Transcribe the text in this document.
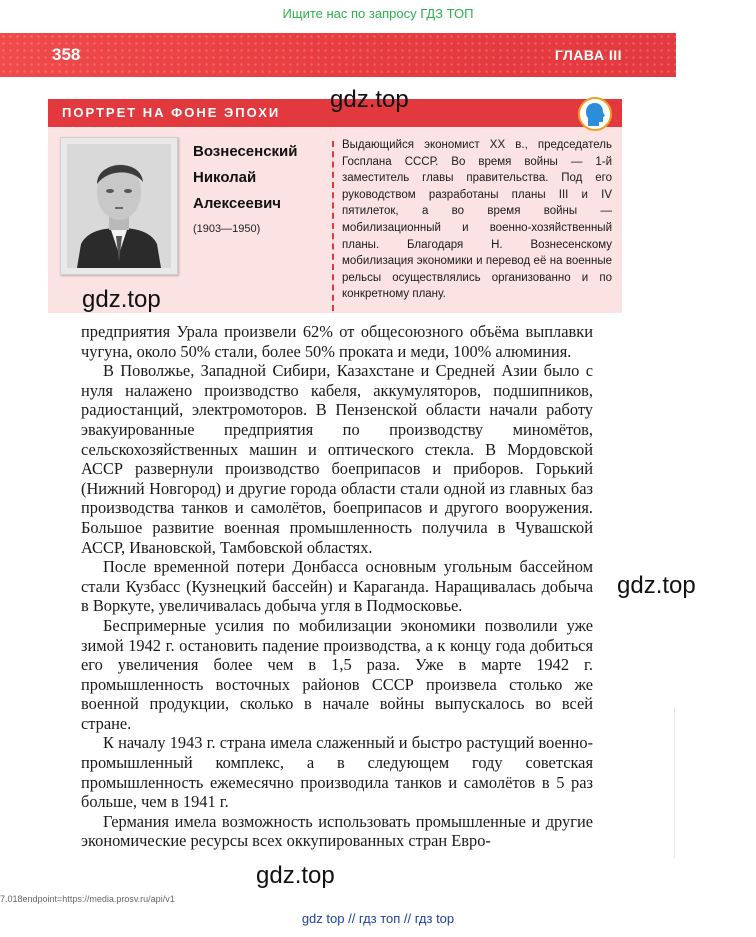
Ищите нас по запросу ГДЗ ТОП
358	ГЛАВА III
ПОРТРЕТ НА ФОНЕ ЭПОХИ
Вознесенский
Николай
Алексеевич
(1903—1950)

Выдающийся экономист XX в., председатель Госплана СССР. Во время войны — 1-й заместитель главы правительства. Под его руководством разработаны планы III и IV пятилеток, а во время войны — мобилизационный и военно-хозяйственный планы. Благодаря Н. Вознесенскому мобилизация экономики и перевод её на военные рельсы осуществлялись организованно и по конкретному плану.

предприятия Урала произвели 62% от общесоюзного объёма выплавки чугуна, около 50% стали, более 50% проката и меди, 100% алюминия.

В Поволжье, Западной Сибири, Казахстане и Средней Азии было с нуля налажено производство кабеля, аккумуляторов, подшипников, радиостанций, электромоторов. В Пензенской области начали работу эвакуированные предприятия по производству миномётов, сельскохозяйственных машин и оптического стекла. В Мордовской АССР развернули производство боеприпасов и приборов. Горький (Нижний Новгород) и другие города области стали одной из главных баз производства танков и самолётов, боеприпасов и другого вооружения. Большое развитие военная промышленность получила в Чувашской АССР, Ивановской, Тамбовской областях.

После временной потери Донбасса основным угольным бассейном стали Кузбасс (Кузнецкий бассейн) и Караганда. Наращивалась добыча в Воркуте, увеличивалась добыча угля в Подмосковье.

Беспримерные усилия по мобилизации экономики позволили уже зимой 1942 г. остановить падение производства, а к концу года добиться его увеличения более чем в 1,5 раза. Уже в марте 1942 г. промышленность восточных районов СССР произвела столько же военной продукции, сколько в начале войны выпускалось во всей стране.

К началу 1943 г. страна имела слаженный и быстро растущий военно-промышленный комплекс, а в следующем году советская промышленность ежемесячно производила танков и самолётов в 5 раз больше, чем в 1941 г.

Германия имела возможность использовать промышленные и другие экономические ресурсы всех оккупированных стран Евро-

gdz.top
gdz.top
gdz.top
gdz.top
7.018endpoint=https://media.prosv.ru/api/v1
gdz top // гдз топ // гдз top
